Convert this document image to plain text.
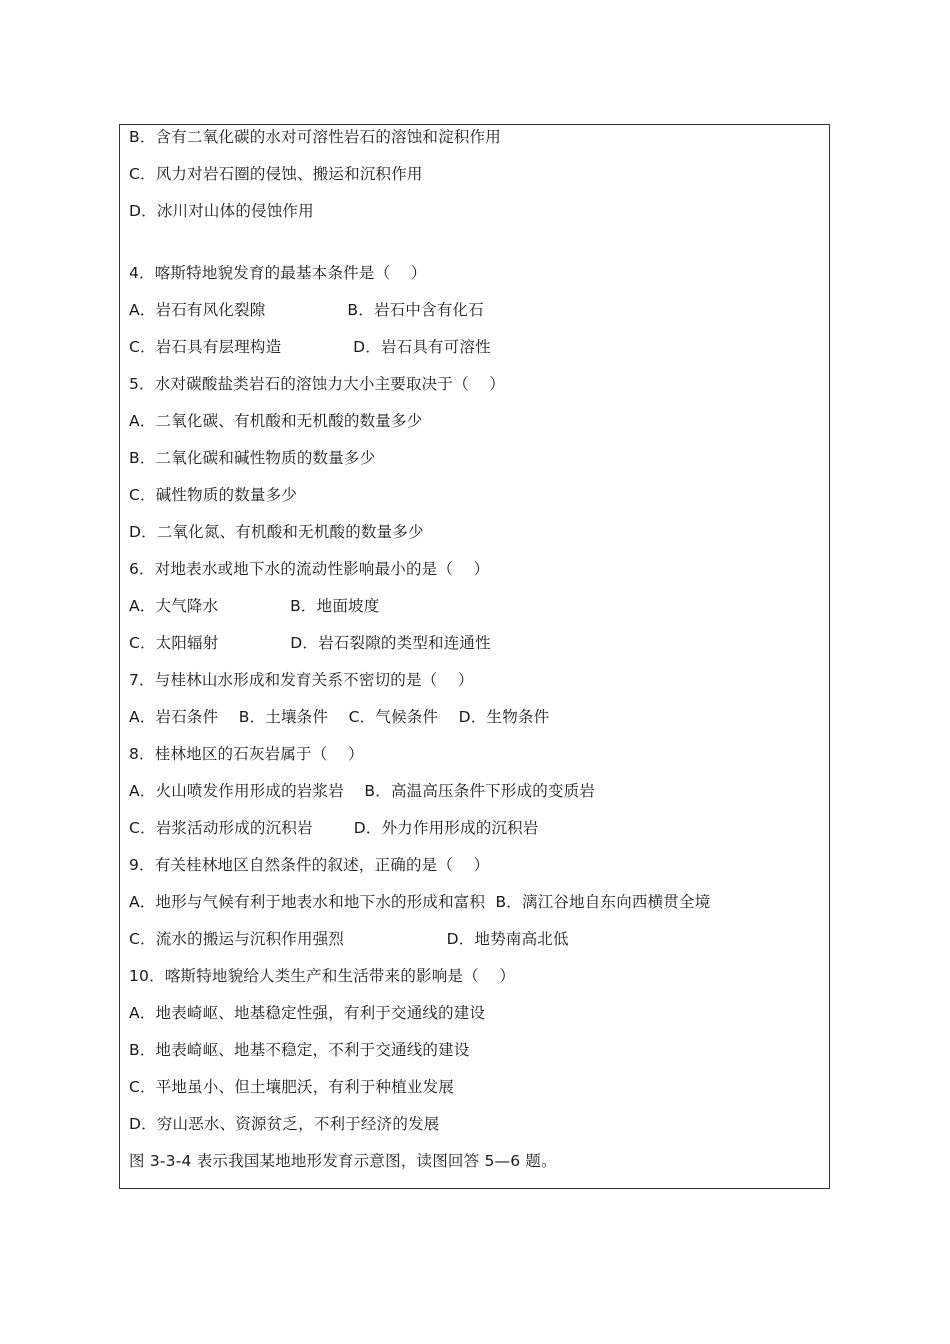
B．含有二氧化碳的水对可溶性岩石的溶蚀和淀积作用
C．风力对岩石圈的侵蚀、搬运和沉积作用
D．冰川对山体的侵蚀作用
4．喀斯特地貌发育的最基本条件是（    ）
A．岩石有风化裂隙                B．岩石中含有化石
C．岩石具有层理构造              D．岩石具有可溶性
5．水对碳酸盐类岩石的溶蚀力大小主要取决于（    ）
A．二氧化碳、有机酸和无机酸的数量多少
B．二氧化碳和碱性物质的数量多少
C．碱性物质的数量多少
D．二氧化氮、有机酸和无机酸的数量多少
6．对地表水或地下水的流动性影响最小的是（    ）
A．大气降水              B．地面坡度
C．太阳辐射              D．岩石裂隙的类型和连通性
7．与桂林山水形成和发育关系不密切的是（    ）
A．岩石条件    B．土壤条件    C．气候条件    D．生物条件
8．桂林地区的石灰岩属于（    ）
A．火山喷发作用形成的岩浆岩    B．高温高压条件下形成的变质岩
C．岩浆活动形成的沉积岩        D．外力作用形成的沉积岩
9．有关桂林地区自然条件的叙述，正确的是（    ）
A．地形与气候有利于地表水和地下水的形成和富积  B．漓江谷地自东向西横贯全境
C．流水的搬运与沉积作用强烈                    D．地势南高北低
10．喀斯特地貌给人类生产和生活带来的影响是（    ）
A．地表崎岖、地基稳定性强，有利于交通线的建设
B．地表崎岖、地基不稳定，不利于交通线的建设
C．平地虽小、但土壤肥沃，有利于种植业发展
D．穷山恶水、资源贫乏，不利于经济的发展
图 3-3-4 表示我国某地地形发育示意图，读图回答 5—6 题。
